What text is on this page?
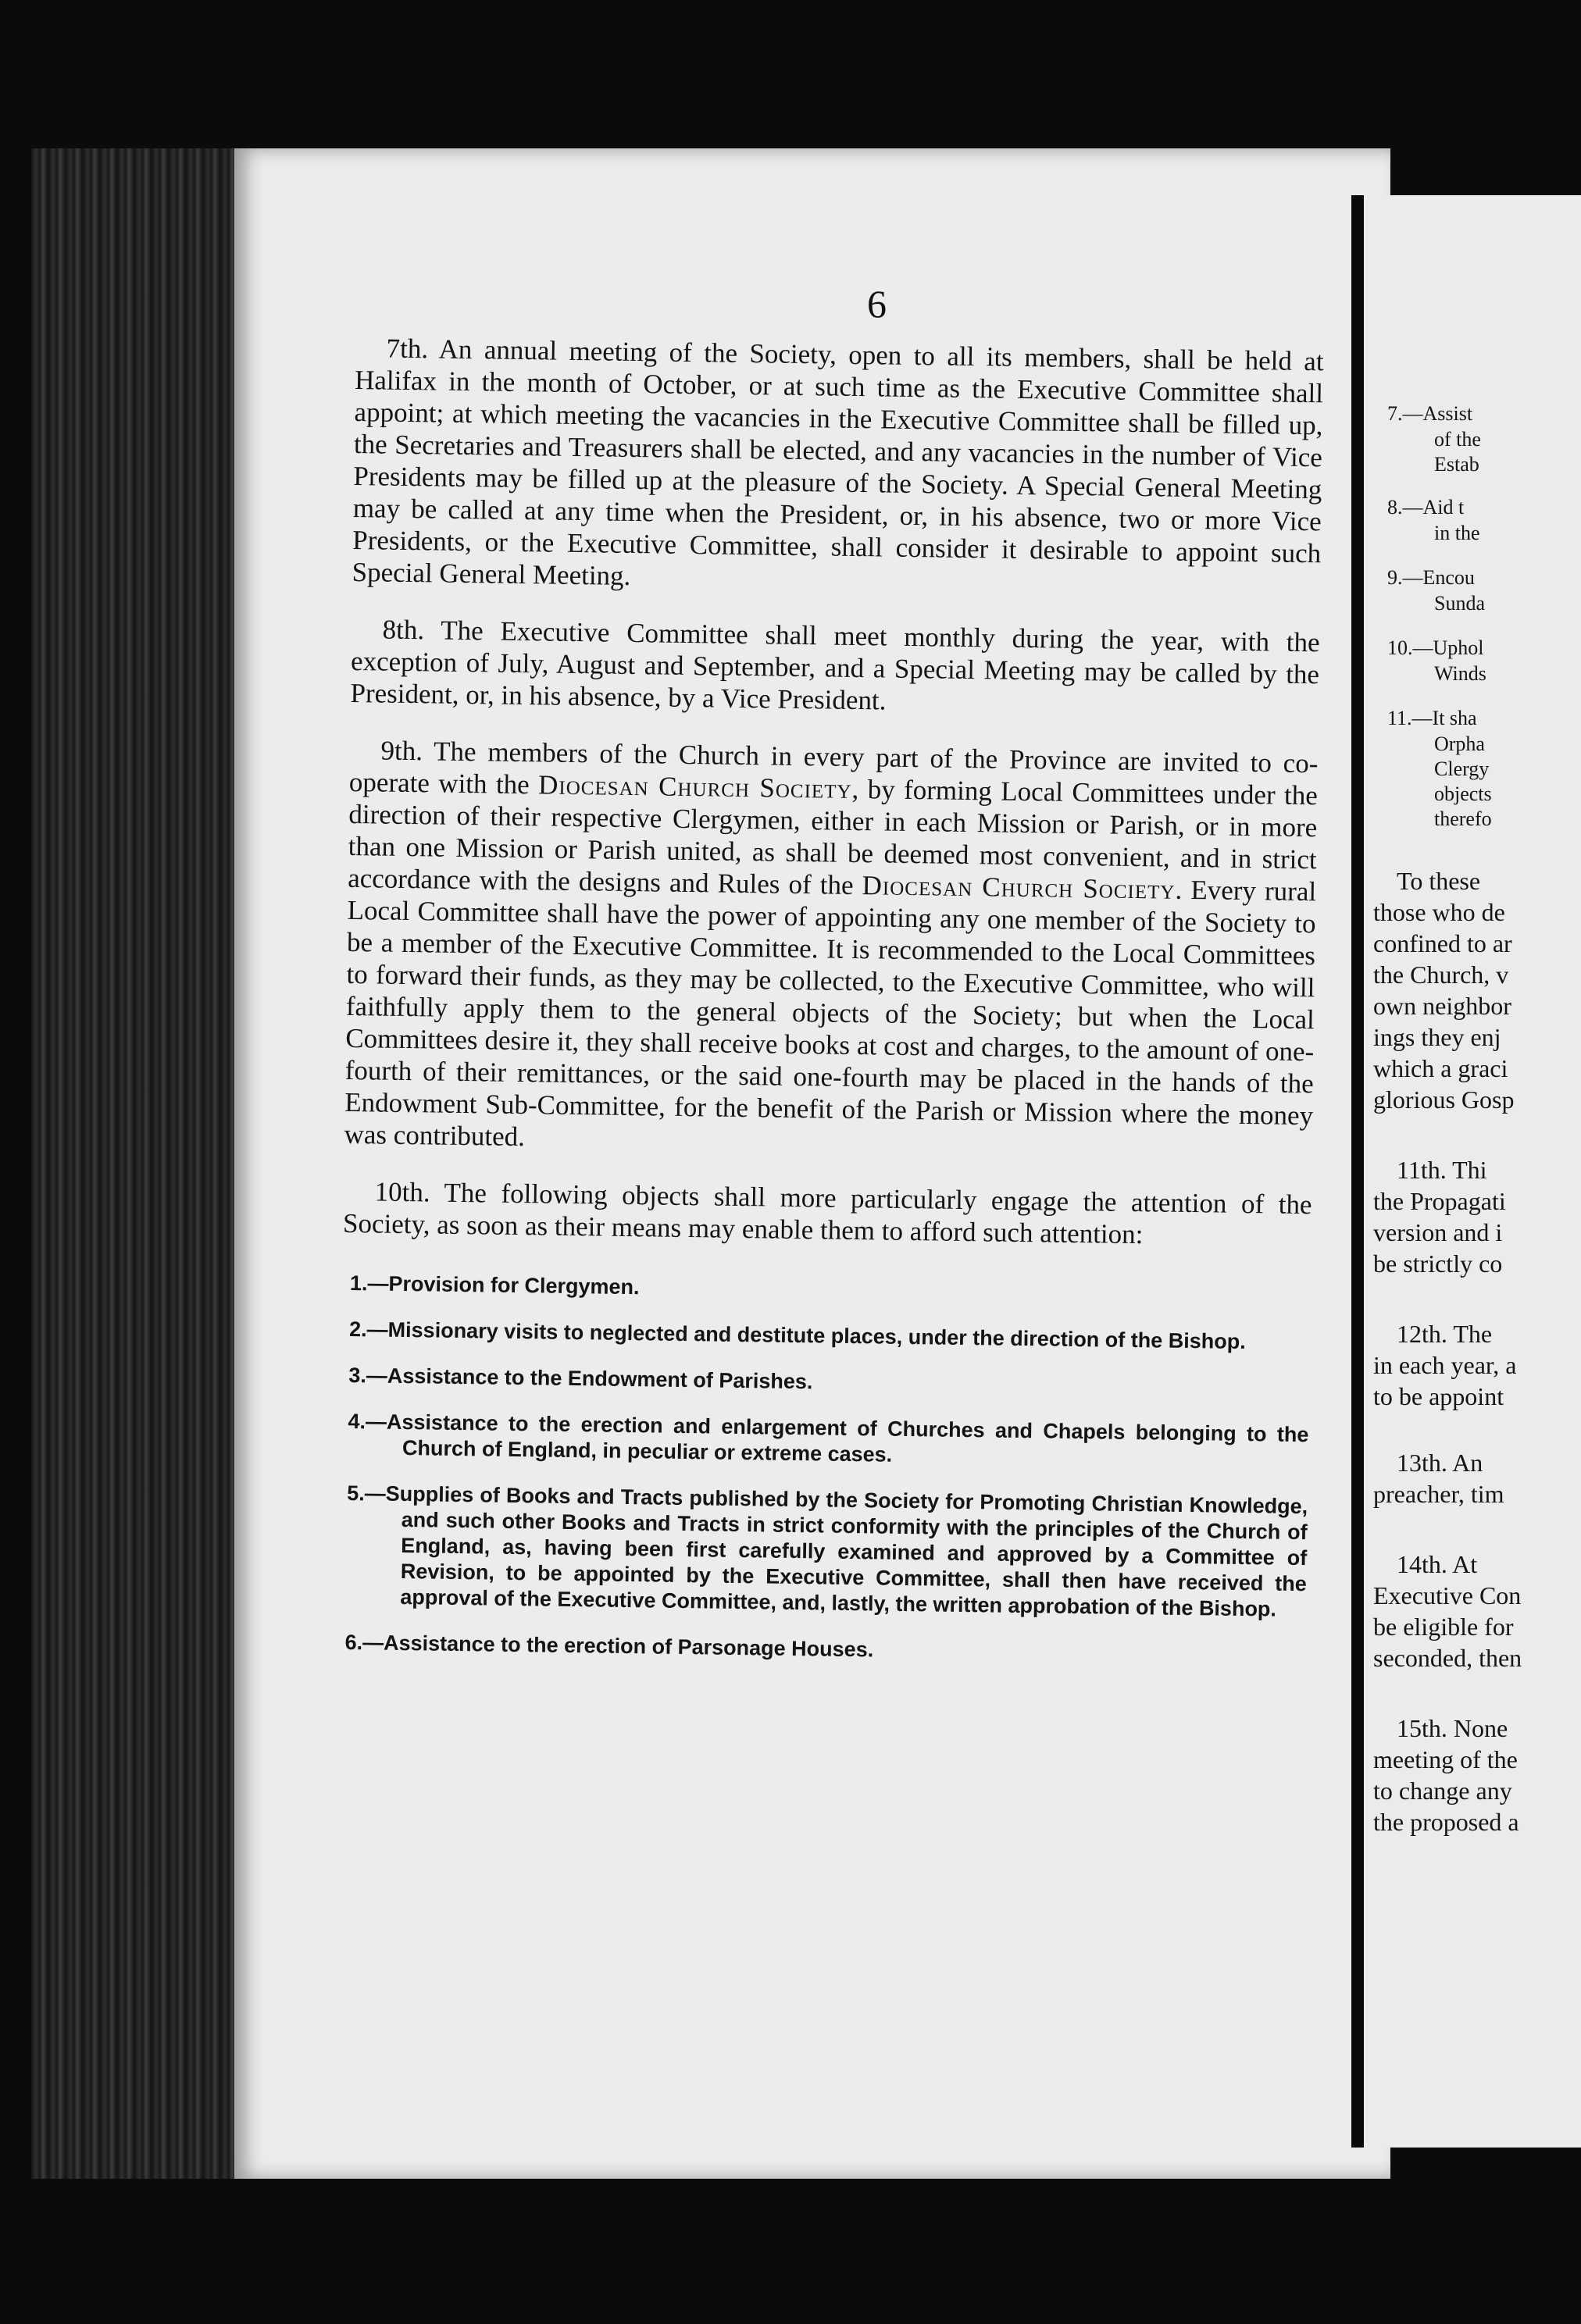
6

7th. An annual meeting of the Society, open to all its members, shall be held at Halifax in the month of October, or at such time as the Executive Committee shall appoint; at which meeting the vacancies in the Executive Committee shall be filled up, the Secretaries and Treasurers shall be elected, and any vacancies in the number of Vice Presidents may be filled up at the pleasure of the Society. A Special General Meeting may be called at any time when the President, or, in his absence, two or more Vice Presidents, or the Executive Committee, shall consider it desirable to appoint such Special General Meeting.

8th. The Executive Committee shall meet monthly during the year, with the exception of July, August and September, and a Special Meeting may be called by the President, or, in his absence, by a Vice President.

9th. The members of the Church in every part of the Province are invited to co-operate with the Diocesan Church Society, by forming Local Committees under the direction of their respective Clergymen, either in each Mission or Parish, or in more than one Mission or Parish united, as shall be deemed most convenient, and in strict accordance with the designs and Rules of the Diocesan Church Society. Every rural Local Committee shall have the power of appointing any one member of the Society to be a member of the Executive Committee. It is recommended to the Local Committees to forward their funds, as they may be collected, to the Executive Committee, who will faithfully apply them to the general objects of the Society; but when the Local Committees desire it, they shall receive books at cost and charges, to the amount of one-fourth of their remittances, or the said one-fourth may be placed in the hands of the Endowment Sub-Committee, for the benefit of the Parish or Mission where the money was contributed.

10th. The following objects shall more particularly engage the attention of the Society, as soon as their means may enable them to afford such attention:

1.—Provision for Clergymen.
2.—Missionary visits to neglected and destitute places, under the direction of the Bishop.
3.—Assistance to the Endowment of Parishes.
4.—Assistance to the erection and enlargement of Churches and Chapels belonging to the Church of England, in peculiar or extreme cases.
5.—Supplies of Books and Tracts published by the Society for Promoting Christian Knowledge, and such other Books and Tracts in strict conformity with the principles of the Church of England, as, having been first carefully examined and approved by a Committee of Revision, to be appointed by the Executive Committee, shall then have received the approval of the Executive Committee, and, lastly, the written approbation of the Bishop.
6.—Assistance to the erection of Parsonage Houses.
7.—Assist
of the
Estab
8.—Aid t
in the
9.—Encou
Sunda
10.—Uphol
Winds
11.—It sha
Orpha
Clergy
objects
therefo
To these
those who de
confined to ar
the Church, v
own neighbor
ings they enj
which a graci
glorious Gosp
11th. Thi
the Propagati
version and i
be strictly co
12th. The
in each year, a
to be appoint
13th. An
preacher, tim
14th. At
Executive Con
be eligible for
seconded, then
15th. None
meeting of the
to change any
the proposed a
